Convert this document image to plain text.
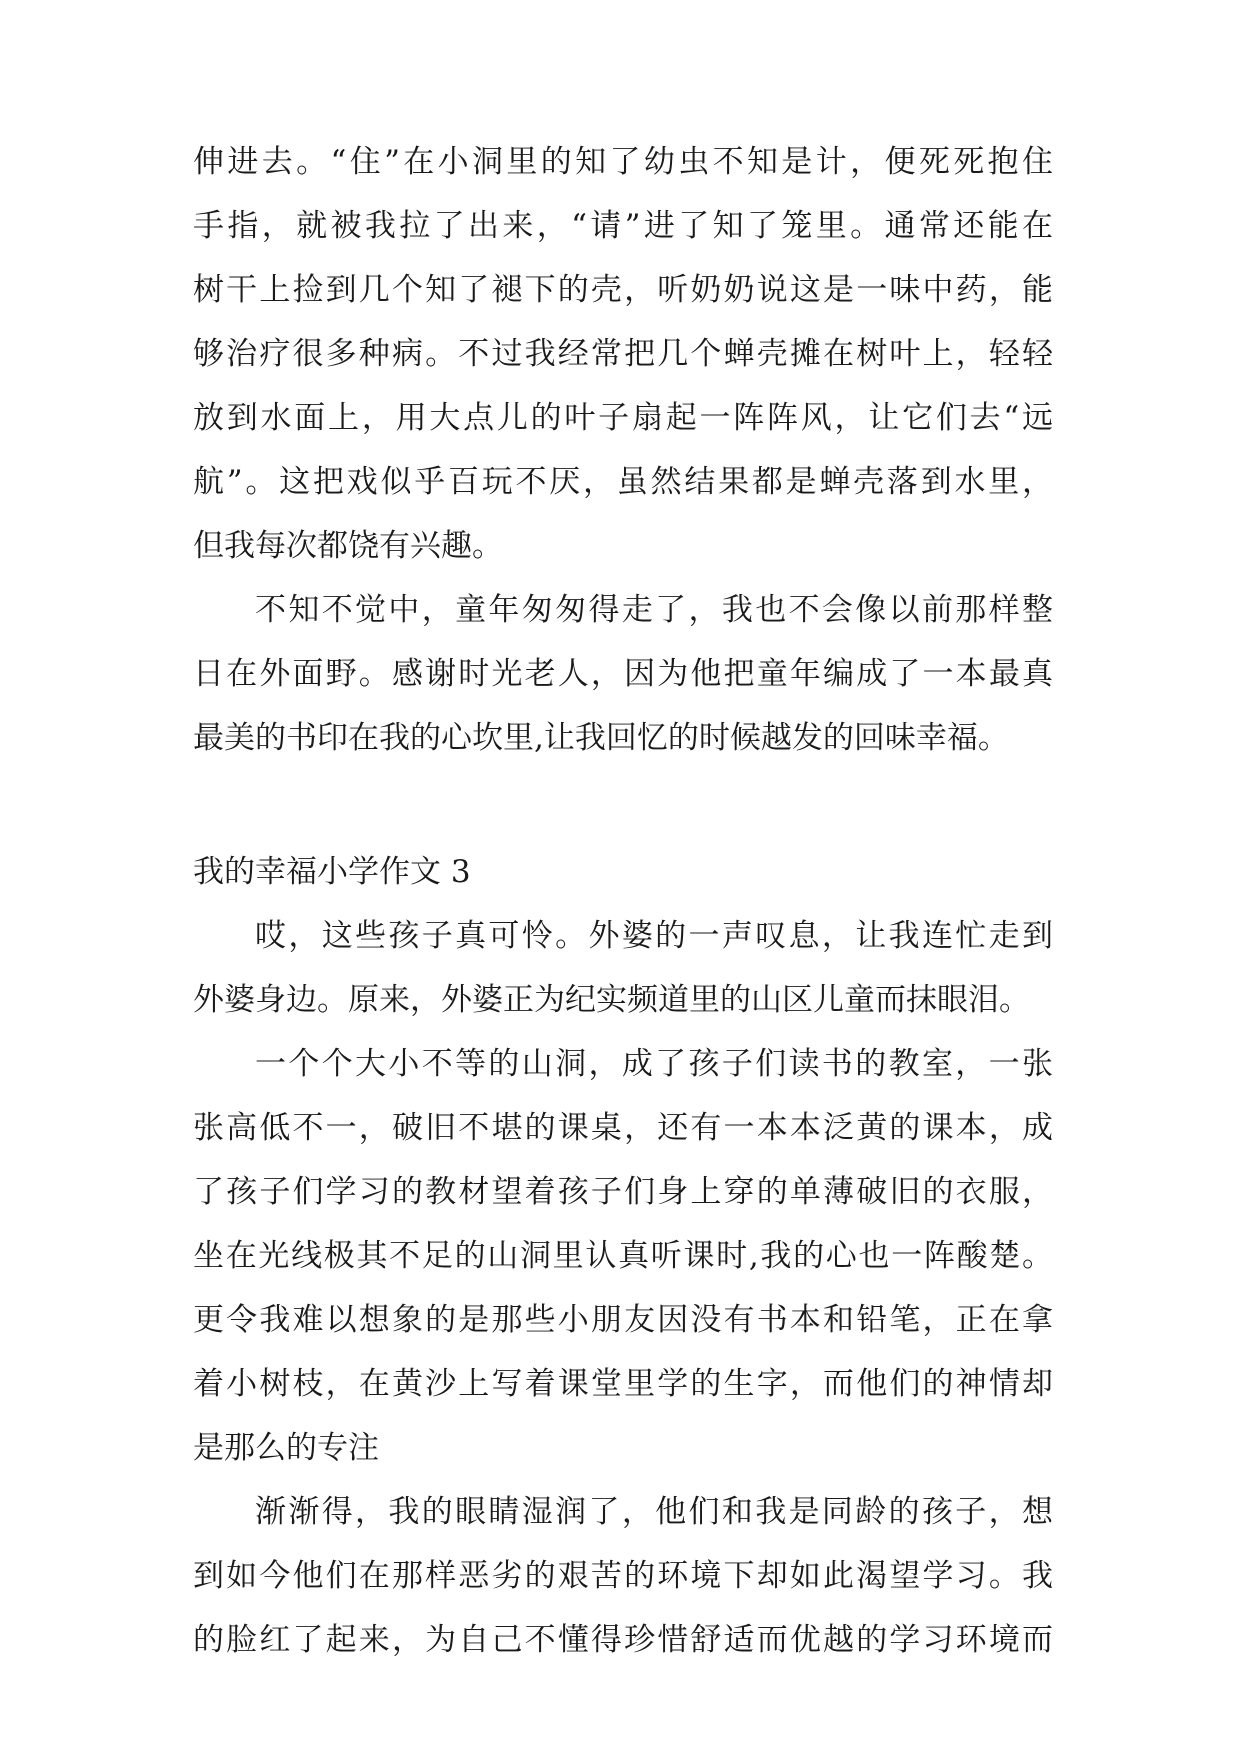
伸进去。“住”在小洞里的知了幼虫不知是计，便死死抱住
手指，就被我拉了出来，“请”进了知了笼里。通常还能在
树干上捡到几个知了褪下的壳，听奶奶说这是一味中药，能
够治疗很多种病。不过我经常把几个蝉壳摊在树叶上，轻轻
放到水面上，用大点儿的叶子扇起一阵阵风，让它们去“远
航”。这把戏似乎百玩不厌，虽然结果都是蝉壳落到水里，
但我每次都饶有兴趣。
不知不觉中，童年匆匆得走了，我也不会像以前那样整
日在外面野。感谢时光老人，因为他把童年编成了一本最真
最美的书印在我的心坎里,让我回忆的时候越发的回味幸福。
我的幸福小学作文 3
哎，这些孩子真可怜。外婆的一声叹息，让我连忙走到
外婆身边。原来，外婆正为纪实频道里的山区儿童而抹眼泪。
一个个大小不等的山洞，成了孩子们读书的教室，一张
张高低不一，破旧不堪的课桌，还有一本本泛黄的课本，成
了孩子们学习的教材望着孩子们身上穿的单薄破旧的衣服，
坐在光线极其不足的山洞里认真听课时,我的心也一阵酸楚。
更令我难以想象的是那些小朋友因没有书本和铅笔，正在拿
着小树枝，在黄沙上写着课堂里学的生字，而他们的神情却
是那么的专注
渐渐得，我的眼睛湿润了，他们和我是同龄的孩子，想
到如今他们在那样恶劣的艰苦的环境下却如此渴望学习。我
的脸红了起来，为自己不懂得珍惜舒适而优越的学习环境而
